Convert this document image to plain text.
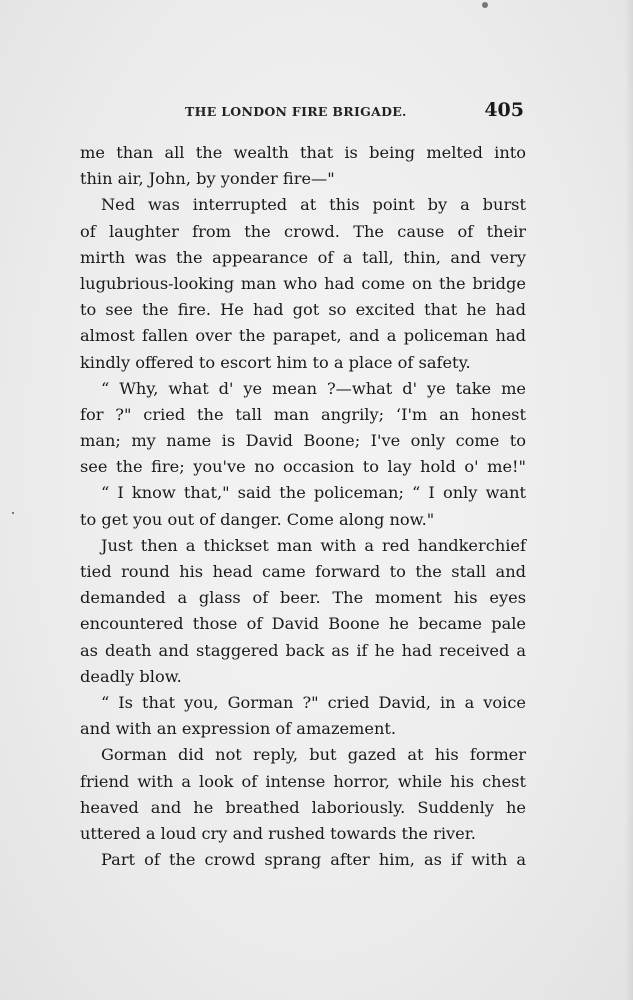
THE LONDON FIRE BRIGADE.	405
me than all the wealth that is being melted into
thin air, John, by yonder fire—"
Ned was interrupted at this point by a burst
of laughter from the crowd. The cause of their
mirth was the appearance of a tall, thin, and very
lugubrious-looking man who had come on the bridge
to see the fire. He had got so excited that he had
almost fallen over the parapet, and a policeman had
kindly offered to escort him to a place of safety.
“ Why, what d' ye mean ?—what d' ye take me
for ?" cried the tall man angrily; ‘I'm an honest
man; my name is David Boone; I've only come to
see the fire; you've no occasion to lay hold o' me!"
“ I know that," said the policeman; “ I only want
to get you out of danger. Come along now."
Just then a thickset man with a red handkerchief
tied round his head came forward to the stall and
demanded a glass of beer. The moment his eyes
encountered those of David Boone he became pale
as death and staggered back as if he had received a
deadly blow.
“ Is that you, Gorman ?" cried David, in a voice
and with an expression of amazement.
Gorman did not reply, but gazed at his former
friend with a look of intense horror, while his chest
heaved and he breathed laboriously. Suddenly he
uttered a loud cry and rushed towards the river.
Part of the crowd sprang after him, as if with a
